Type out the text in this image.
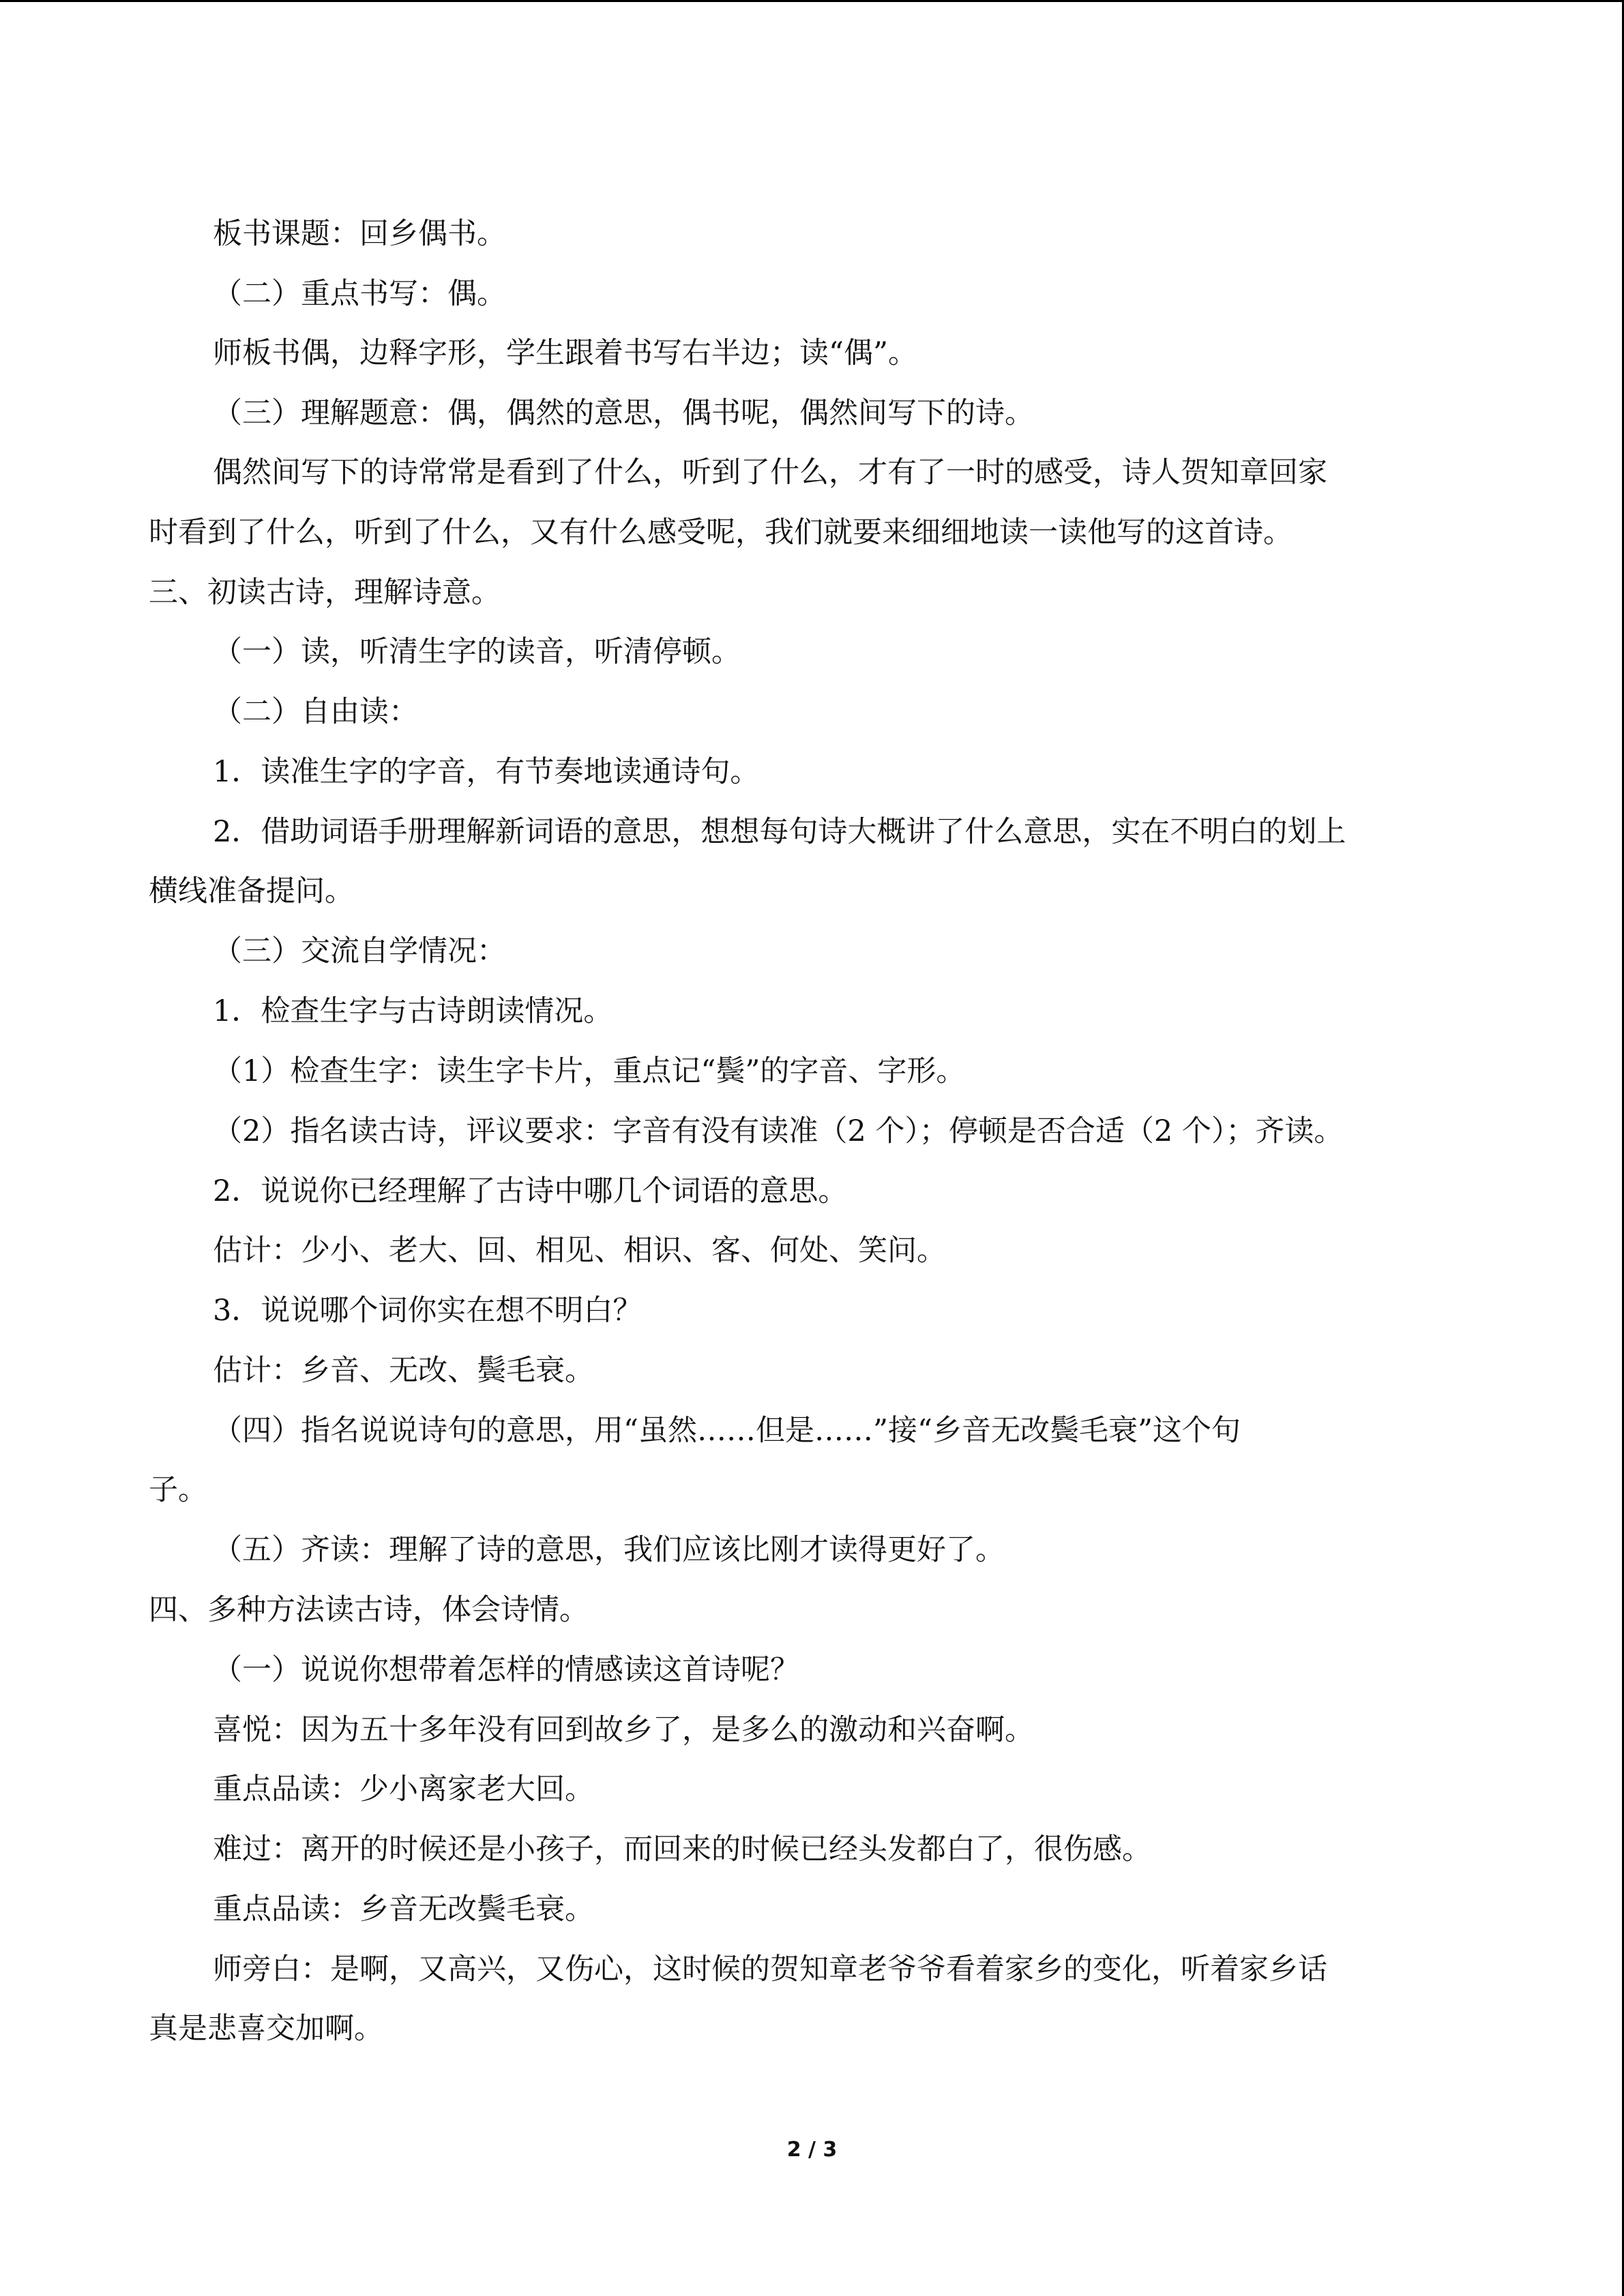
板书课题：回乡偶书。
（二）重点书写：偶。
师板书偶，边释字形，学生跟着书写右半边；读“偶”。
（三）理解题意：偶，偶然的意思，偶书呢，偶然间写下的诗。
偶然间写下的诗常常是看到了什么，听到了什么，才有了一时的感受，诗人贺知章回家
时看到了什么，听到了什么，又有什么感受呢，我们就要来细细地读一读他写的这首诗。
三、初读古诗，理解诗意。
（一）读，听清生字的读音，听清停顿。
（二）自由读：
1．读准生字的字音，有节奏地读通诗句。
2．借助词语手册理解新词语的意思，想想每句诗大概讲了什么意思，实在不明白的划上
横线准备提问。
（三）交流自学情况：
1．检查生字与古诗朗读情况。
（1）检查生字：读生字卡片，重点记“鬓”的字音、字形。
（2）指名读古诗，评议要求：字音有没有读准（2 个）；停顿是否合适（2 个）；齐读。
2．说说你已经理解了古诗中哪几个词语的意思。
估计：少小、老大、回、相见、相识、客、何处、笑问。
3．说说哪个词你实在想不明白？
估计：乡音、无改、鬓毛衰。
（四）指名说说诗句的意思，用“虽然……但是……”接“乡音无改鬓毛衰”这个句
子。
（五）齐读：理解了诗的意思，我们应该比刚才读得更好了。
四、多种方法读古诗，体会诗情。
（一）说说你想带着怎样的情感读这首诗呢？
喜悦：因为五十多年没有回到故乡了，是多么的激动和兴奋啊。
重点品读：少小离家老大回。
难过：离开的时候还是小孩子，而回来的时候已经头发都白了，很伤感。
重点品读：乡音无改鬓毛衰。
师旁白：是啊，又高兴，又伤心，这时候的贺知章老爷爷看着家乡的变化，听着家乡话
真是悲喜交加啊。
2 / 3
